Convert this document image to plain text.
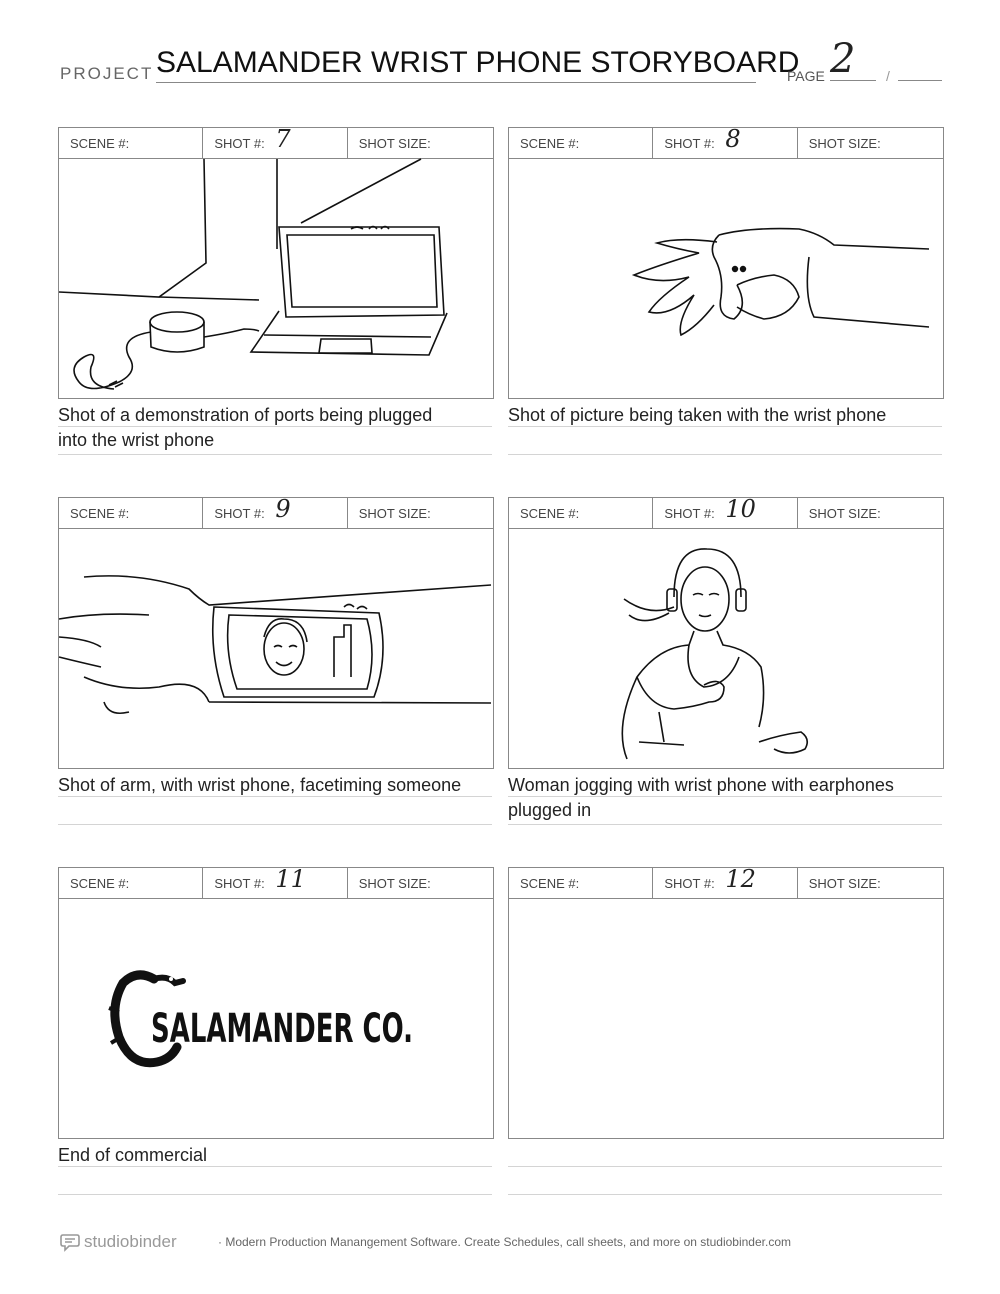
PROJECT SALAMANDER WRIST PHONE STORYBOARD
PAGE 2	/
SCENE #:	SHOT #: 7	SHOT SIZE:
Shot of a demonstration of ports being plugged
into the wrist phone
SCENE #:	SHOT #: 8	SHOT SIZE:
Shot of picture being taken with the wrist phone
SCENE #:	SHOT #: 9	SHOT SIZE:
Shot of arm, with wrist phone, facetiming someone
SCENE #:	SHOT #: 10	SHOT SIZE:
Woman jogging with wrist phone with earphones
plugged in
SCENE #:	SHOT #: 11	SHOT SIZE:
SALAMANDER CO.
End of commercial
SCENE #:	SHOT #: 12	SHOT SIZE:
studiobinder	· Modern Production Manangement Software. Create Schedules, call sheets, and more on studiobinder.com
